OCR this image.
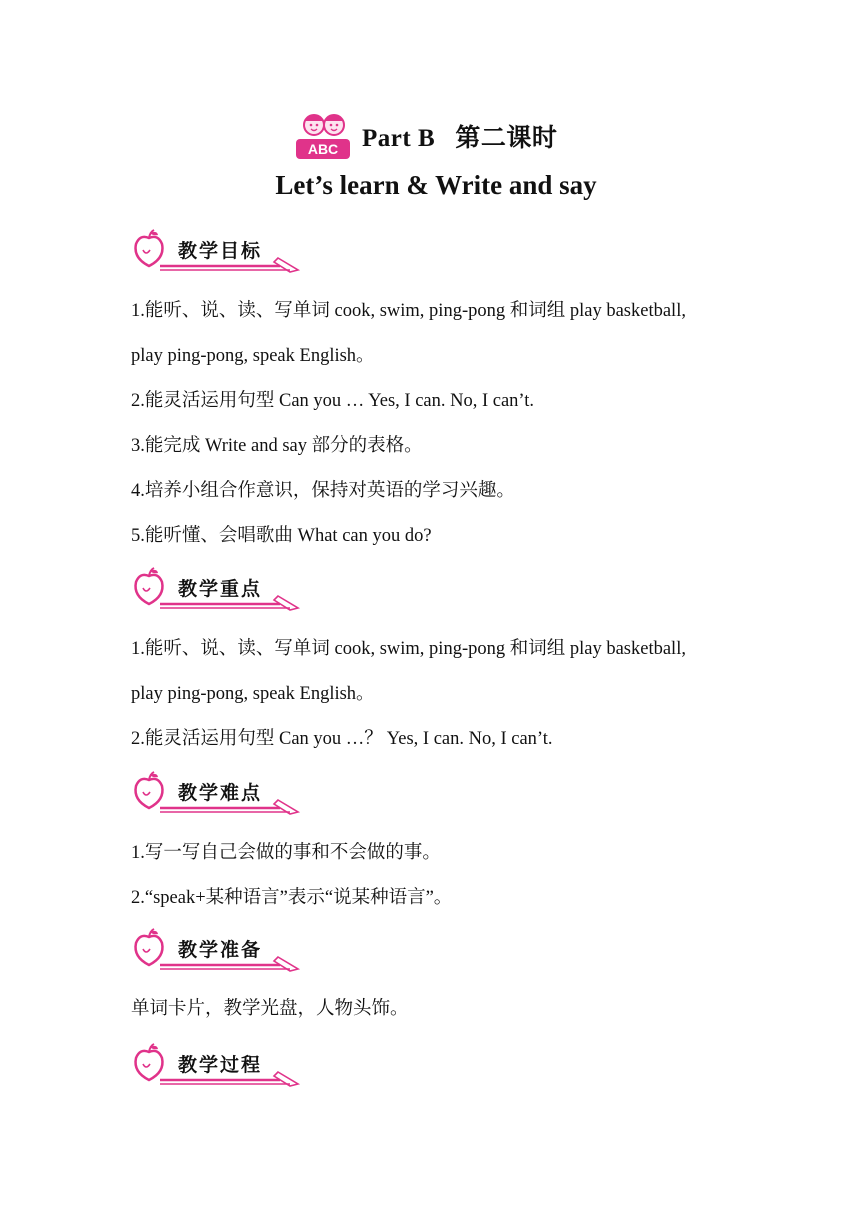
ABC Part B   第二课时
Let’s learn & Write and say
教学目标
1.能听、说、读、写单词 cook, swim, ping-pong 和词组 play basketball,
play ping-pong, speak English。
2.能灵活运用句型 Can you … Yes, I can. No, I can’t.
3.能完成 Write and say 部分的表格。
4.培养小组合作意识，保持对英语的学习兴趣。
5.能听懂、会唱歌曲 What can you do?
教学重点
1.能听、说、读、写单词 cook, swim, ping-pong 和词组 play basketball,
play ping-pong, speak English。
2.能灵活运用句型 Can you …？ Yes, I can. No, I can’t.
教学难点
1.写一写自己会做的事和不会做的事。
2.“speak+某种语言”表示“说某种语言”。
教学准备
单词卡片，教学光盘，人物头饰。
教学过程
